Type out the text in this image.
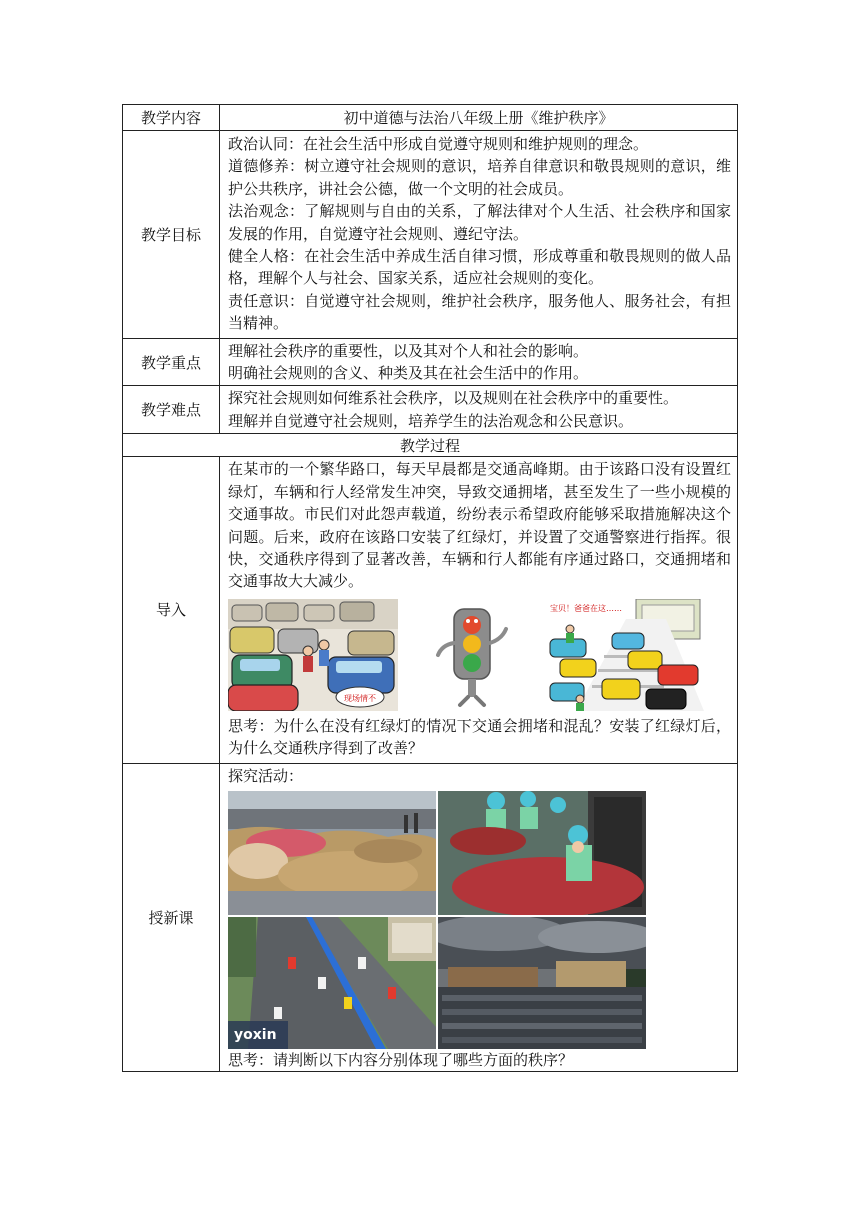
教学内容	初中道德与法治八年级上册《维护秩序》
教学目标	政治认同：在社会生活中形成自觉遵守规则和维护规则的理念。
道德修养：树立遵守社会规则的意识，培养自律意识和敬畏规则的意识，维护公共秩序，讲社会公德，做一个文明的社会成员。
法治观念：了解规则与自由的关系，了解法律对个人生活、社会秩序和国家发展的作用，自觉遵守社会规则、遵纪守法。
健全人格：在社会生活中养成生活自律习惯，形成尊重和敬畏规则的做人品格，理解个人与社会、国家关系，适应社会规则的变化。
责任意识：自觉遵守社会规则，维护社会秩序，服务他人、服务社会，有担当精神。

教学重点	理解社会秩序的重要性，以及其对个人和社会的影响。
明确社会规则的含义、种类及其在社会生活中的作用。

教学难点	探究社会规则如何维系社会秩序，以及规则在社会秩序中的重要性。
理解并自觉遵守社会规则，培养学生的法治观念和公民意识。

教学过程	
导入	在某市的一个繁华路口，每天早晨都是交通高峰期。由于该路口没有设置红绿灯，车辆和行人经常发生冲突，导致交通拥堵，甚至发生了一些小规模的交通事故。市民们对此怨声载道，纷纷表示希望政府能够采取措施解决这个问题。后来，政府在该路口安装了红绿灯，并设置了交通警察进行指挥。很快，交通秩序得到了显著改善，车辆和行人都能有序通过路口，交通拥堵和交通事故大大减少。
现场情不
宝贝！爸爸在这……
思考：为什么在没有红绿灯的情况下交通会拥堵和混乱？安装了红绿灯后，为什么交通秩序得到了改善？

授新课	探究活动：
yoxin
思考：请判断以下内容分别体现了哪些方面的秩序？
